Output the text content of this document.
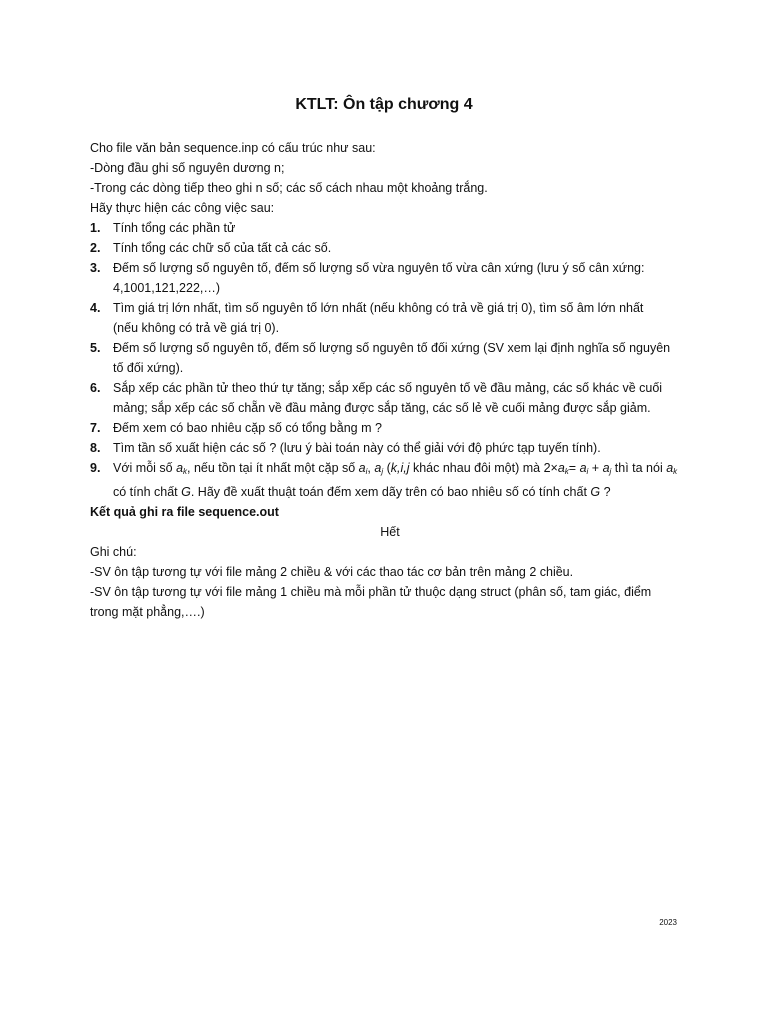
KTLT: Ôn tập chương 4

Cho file văn bản sequence.inp có cấu trúc như sau:

-Dòng đầu ghi số nguyên dương n;

-Trong các dòng tiếp theo ghi n số; các số cách nhau một khoảng trắng.

Hãy thực hiện các công việc sau:

1. Tính tổng các phần tử
2. Tính tổng các chữ số của tất cả các số.
3. Đếm số lượng số nguyên tố, đếm số lượng số vừa nguyên tố vừa cân xứng (lưu ý số cân xứng:
4,1001,121,222,…)
4. Tìm giá trị lớn nhất, tìm số nguyên tố lớn nhất (nếu không có trả về giá trị 0), tìm số âm lớn nhất
(nếu không có trả về giá trị 0).
5. Đếm số lượng số nguyên tố, đếm số lượng số nguyên tố đối xứng (SV xem lại định nghĩa số nguyên
tố đối xứng).
6. Sắp xếp các phần tử theo thứ tự tăng; sắp xếp các số nguyên tố về đầu mảng, các số khác về cuối
mảng; sắp xếp các số chẵn về đầu mảng được sắp tăng, các số lẻ về cuối mảng được sắp giảm.
7. Đếm xem có bao nhiêu cặp số có tổng bằng m ?
8. Tìm tần số xuất hiện các số ? (lưu ý bài toán này có thể giải với độ phức tạp tuyến tính).
9. Với mỗi số $a_k$, nếu tồn tại ít nhất một cặp số $a_i$, $a_j$ (k,i,j khác nhau đôi một) mà $2\times a_k= a_i + a_j$ thì ta nói $a_k$
có tính chất G. Hãy đề xuất thuật toán đếm xem dãy trên có bao nhiêu số có tính chất G ?

Kết quả ghi ra file sequence.out

Hết

Ghi chú:

-SV ôn tập tương tự với file mảng 2 chiều & với các thao tác cơ bản trên mảng 2 chiều.

-SV ôn tập tương tự với file mảng 1 chiều mà mỗi phần tử thuộc dạng struct (phân số, tam giác, điểm

trong mặt phẳng,….)

2023
